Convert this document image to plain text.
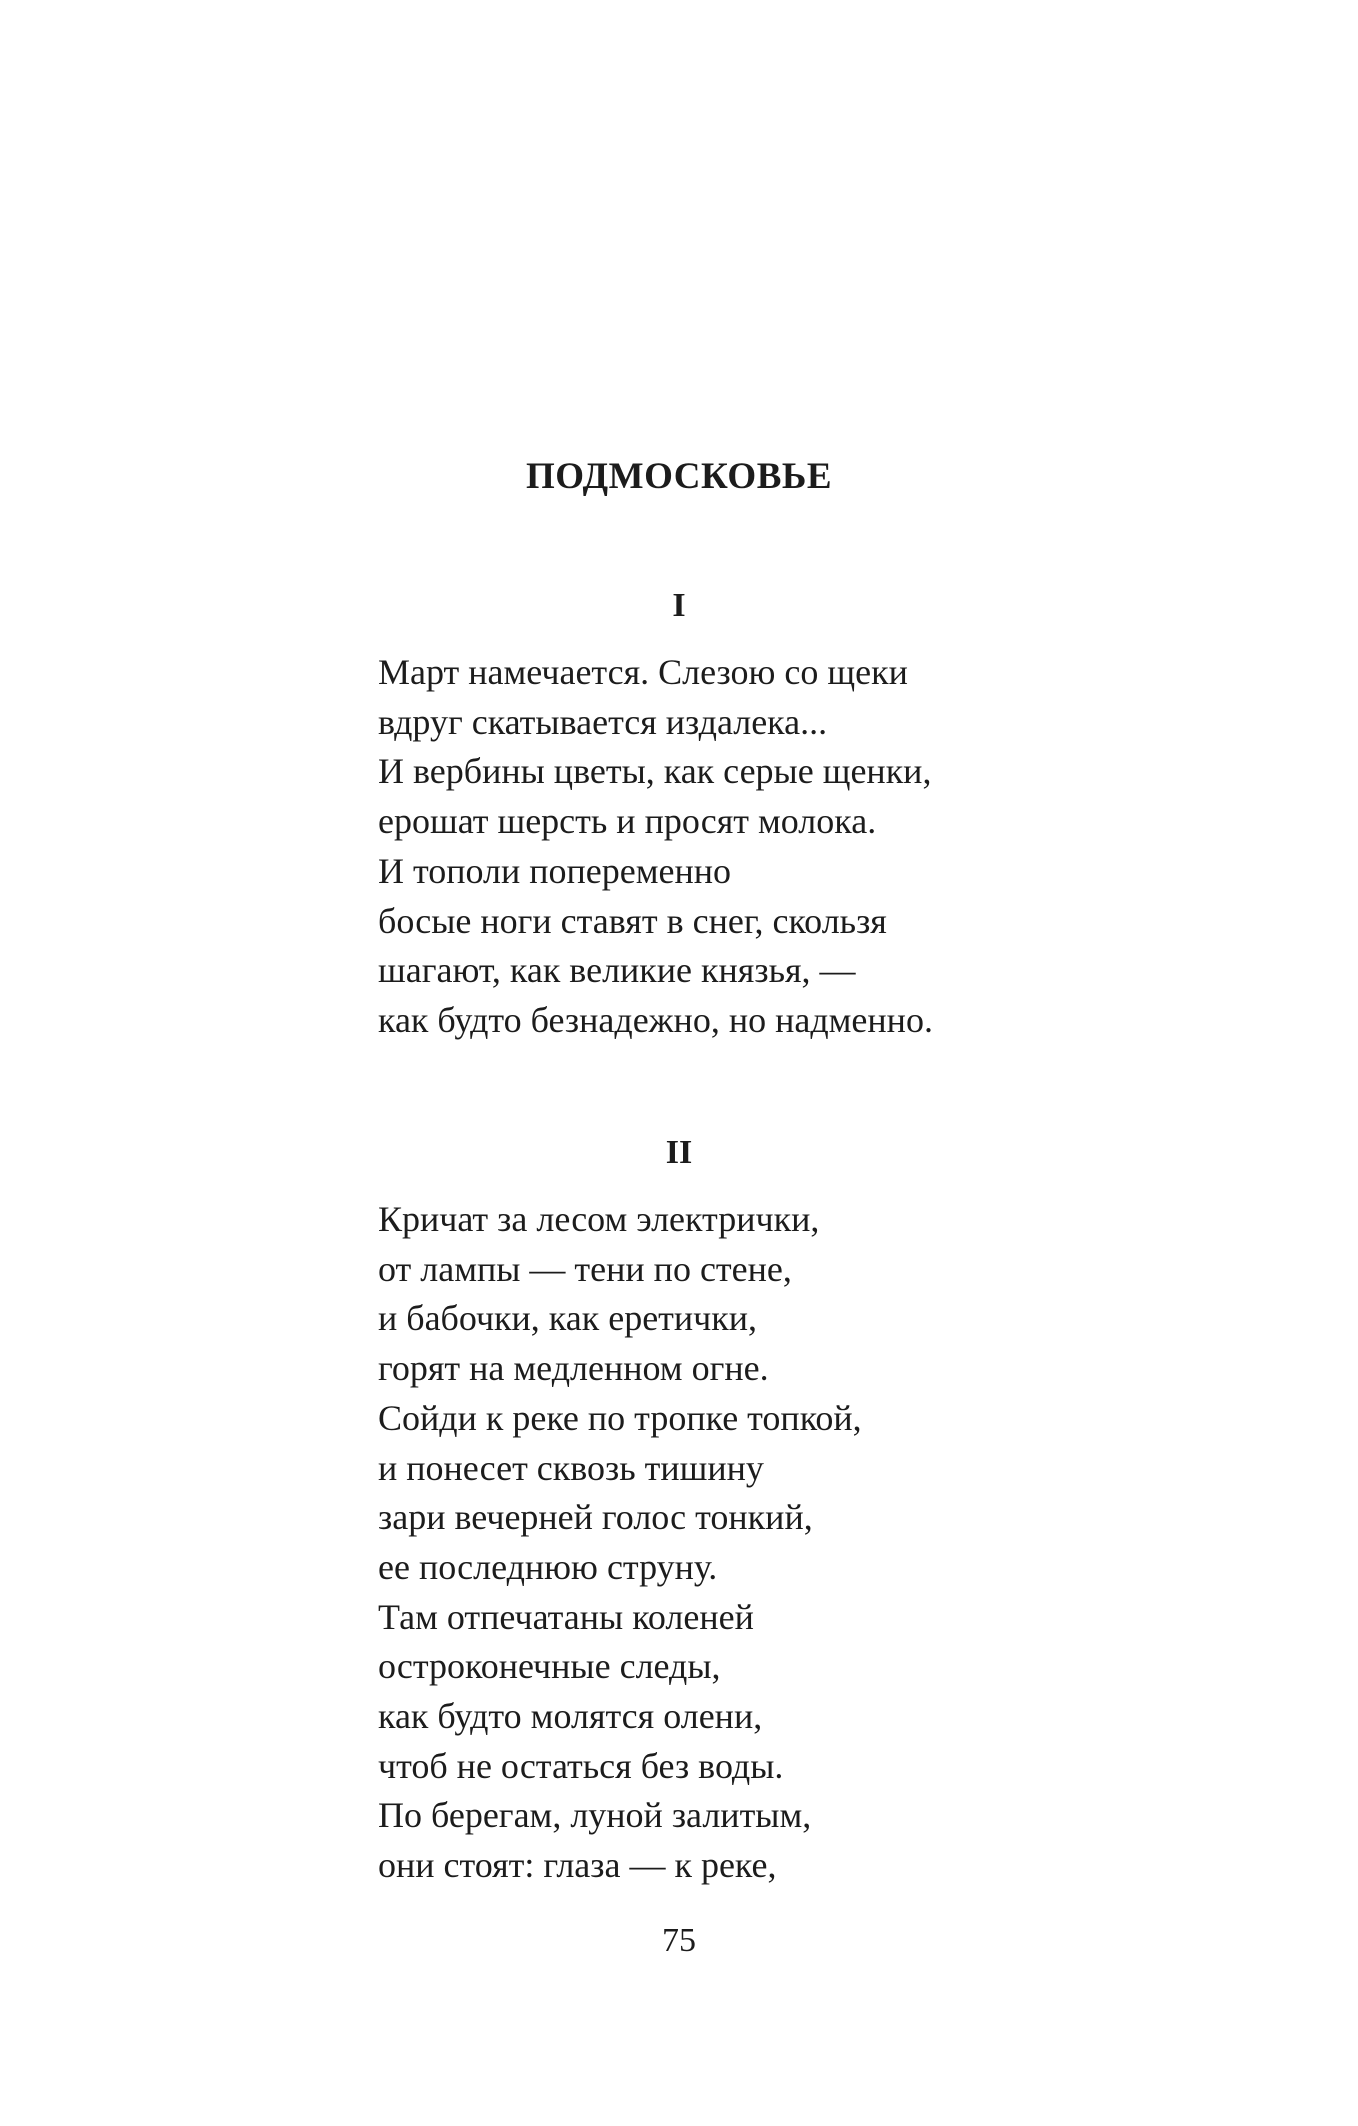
ПОДМОСКОВЬЕ
I
Март намечается. Слезою со щеки
вдруг скатывается издалека...
И вербины цветы, как серые щенки,
ерошат шерсть и просят молока.
И тополи попеременно
босые ноги ставят в снег, скользя
шагают, как великие князья, —
как будто безнадежно, но надменно.
II
Кричат за лесом электрички,
от лампы — тени по стене,
и бабочки, как еретички,
горят на медленном огне.
Сойди к реке по тропке топкой,
и понесет сквозь тишину
зари вечерней голос тонкий,
ее последнюю струну.
Там отпечатаны коленей
остроконечные следы,
как будто молятся олени,
чтоб не остаться без воды.
По берегам, луной залитым,
они стоят: глаза — к реке,
75
